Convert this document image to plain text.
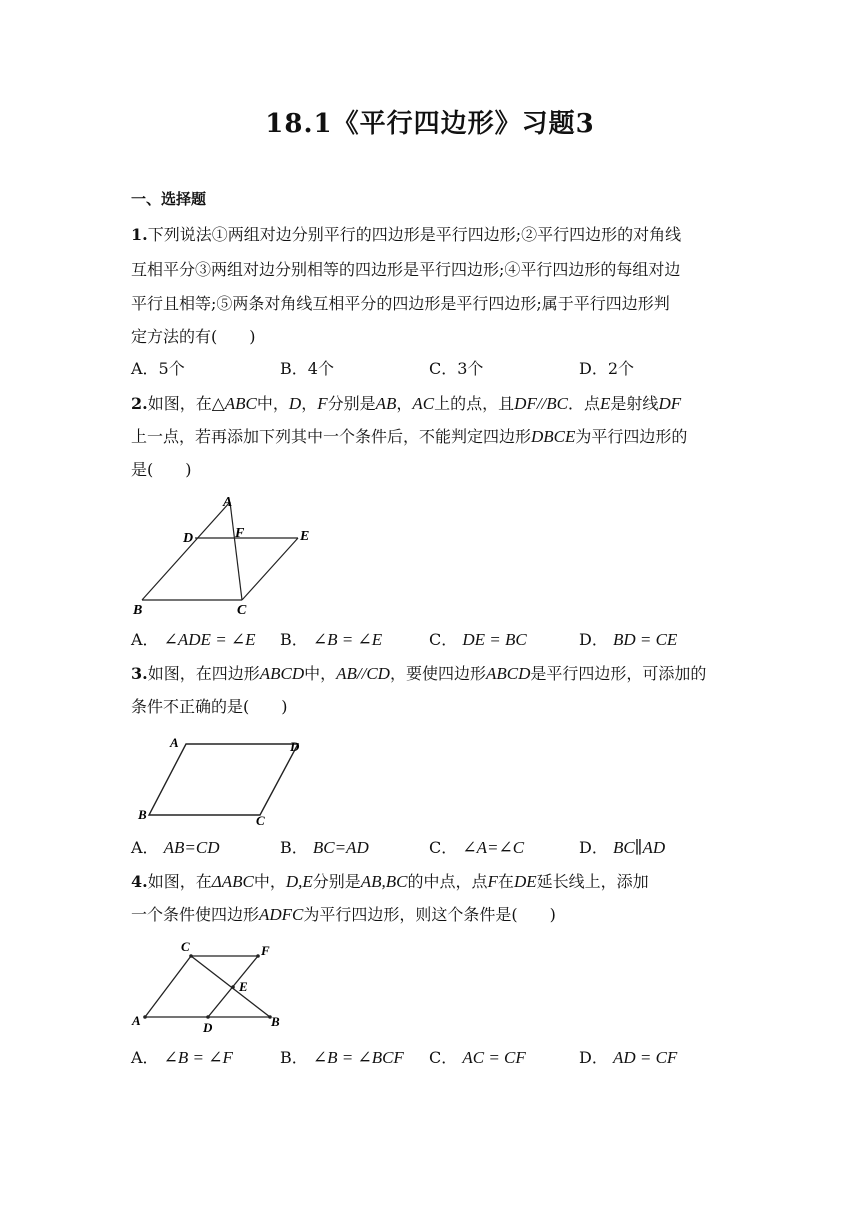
18.1《平行四边形》习题3
一、选择题
1.下列说法①两组对边分别平行的四边形是平行四边形;②平行四边形的对角线
互相平分③两组对边分别相等的四边形是平行四边形;④平行四边形的每组对边
平行且相等;⑤两条对角线互相平分的四边形是平行四边形;属于平行四边形判
定方法的有(　　)
A．5个	B．4个	C．3个	D．2个
2.如图，在△ABC中，D，F分别是AB，AC上的点，且DF//BC．点E是射线DF
上一点，若再添加下列其中一个条件后，不能判定四边形DBCE为平行四边形的
是(　　)
A
D	F	E
B	C
A． ∠ADE = ∠E B． ∠B = ∠E	C． DE = BC	D． BD = CE
3.如图，在四边形ABCD中，AB//CD，要使四边形ABCD是平行四边形，可添加的
条件不正确的是(　　)
A	D
B	C
A． AB=CD	B． BC=AD	C． ∠A=∠C	D． BC∥AD
4.如图，在ΔABC中，D,E分别是AB,BC的中点，点F在DE延长线上，添加
一个条件使四边形ADFC为平行四边形，则这个条件是(　　)
C	F
E
A	D	B
A． ∠B = ∠F	B． ∠B = ∠BCF C． AC = CF	D． AD = CF
